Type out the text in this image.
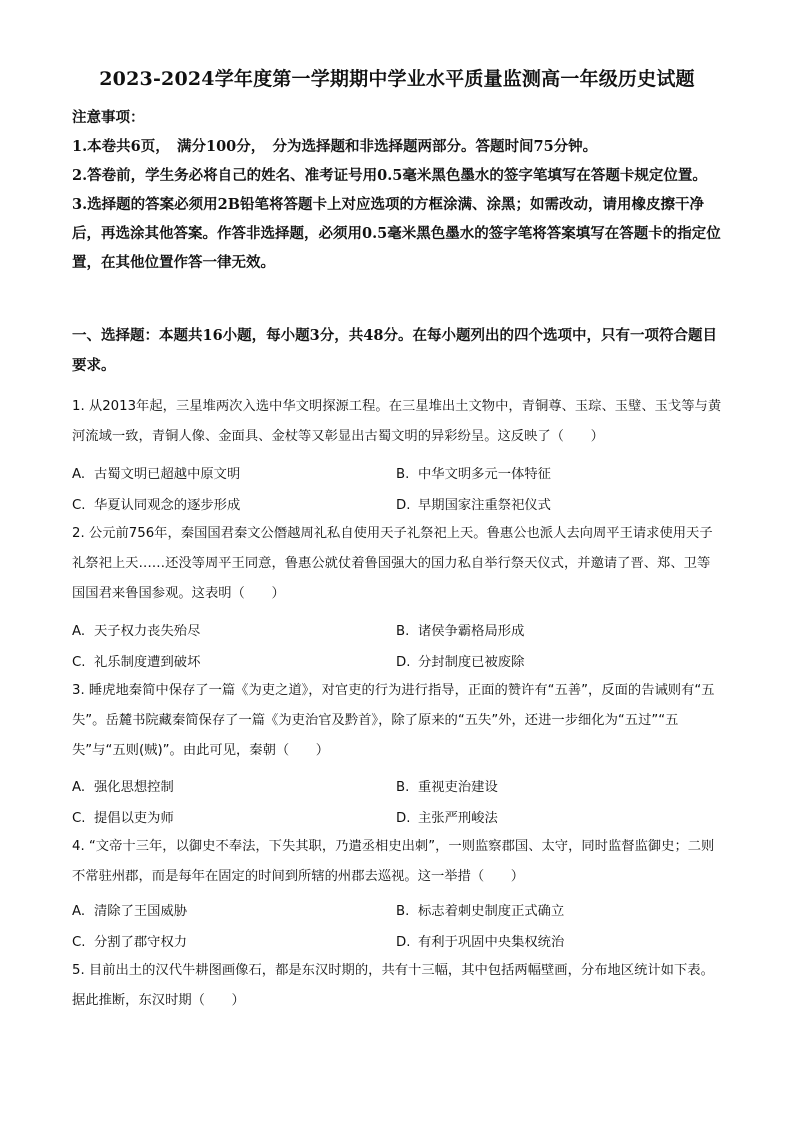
2023-2024学年度第一学期期中学业水平质量监测高一年级历史试题

注意事项：

1.本卷共6页，　满分100分，　分为选择题和非选择题两部分。答题时间75分钟。

2.答卷前，学生务必将自己的姓名、准考证号用0.5毫米黑色墨水的签字笔填写在答题卡规定位置。

3.选择题的答案必须用2B铅笔将答题卡上对应选项的方框涂满、涂黑；如需改动，请用橡皮擦干净后，再选涂其他答案。作答非选择题，必须用0.5毫米黑色墨水的签字笔将答案填写在答题卡的指定位置，在其他位置作答一律无效。

一、选择题：本题共16小题，每小题3分，共48分。在每小题列出的四个选项中，只有一项符合题目要求。

1. 从2013年起，三星堆两次入选中华文明探源工程。在三星堆出土文物中，青铜尊、玉琮、玉璧、玉戈等与黄河流域一致，青铜人像、金面具、金杖等又彰显出古蜀文明的异彩纷呈。这反映了（　　）

A. 古蜀文明已超越中原文明	B. 中华文明多元一体特征
C. 华夏认同观念的逐步形成	D. 早期国家注重祭祀仪式

2. 公元前756年，秦国国君秦文公僭越周礼私自使用天子礼祭祀上天。鲁惠公也派人去向周平王请求使用天子礼祭祀上天……还没等周平王同意，鲁惠公就仗着鲁国强大的国力私自举行祭天仪式，并邀请了晋、郑、卫等国国君来鲁国参观。这表明（　　）

A. 天子权力丧失殆尽	B. 诸侯争霸格局形成
C. 礼乐制度遭到破坏	D. 分封制度已被废除

3. 睡虎地秦简中保存了一篇《为吏之道》，对官吏的行为进行指导，正面的赞许有“五善”，反面的告诫则有“五失”。岳麓书院藏秦简保存了一篇《为吏治官及黔首》，除了原来的“五失”外，还进一步细化为“五过”“五失”与“五则(贼)”。由此可见，秦朝（　　）

A. 强化思想控制	B. 重视吏治建设
C. 提倡以吏为师	D. 主张严刑峻法

4. “文帝十三年，以御史不奉法，下失其职，乃遣丞相史出刺”，一则监察郡国、太守，同时监督监御史；二则不常驻州郡，而是每年在固定的时间到所辖的州郡去巡视。这一举措（　　）

A. 清除了王国威胁	B. 标志着刺史制度正式确立
C. 分割了郡守权力	D. 有利于巩固中央集权统治

5. 目前出土的汉代牛耕图画像石，都是东汉时期的，共有十三幅，其中包括两幅壁画，分布地区统计如下表。据此推断，东汉时期（　　）
